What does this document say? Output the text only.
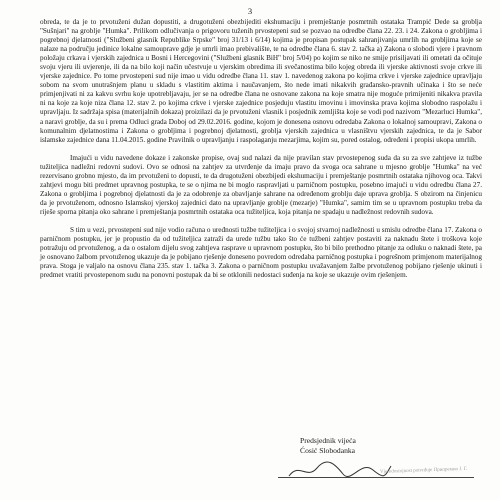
3

obreda, te da je to prvotuženi dužan dopustiti, a drugotuženi obezbijediti ekshumaciju i premještanje posmrtnih ostataka Trampić Dede sa groblja "Sušnjari" na groblje "Humka". Prilikom odlučivanja o prigovoru tuženih prvostepeni sud se pozvao na odredbe člana 22. 23. i 24. Zakona o grobljima i pogrebnoj djelatnosti ("Službeni glasnik Republike Srpske" broj 31/13 i 6/14) kojima je propisan postupak sahranjivanja umrlih na grobljima koje se nalaze na području jedinice lokalne samouprave gdje je umrli imao prebivalište, te na odredbe člana 6. stav 2. tačka a) Zakona o slobodi vjere i pravnom položaju crkava i vjerskih zajednica u Bosni i Hercegovini ("Službeni glasnik BiH" broj 5/04) po kojim se niko ne smije prisiljavati ili ometati da očituje svoju vjeru ili uvjerenje, ili da na bilo koji način učestvuje u vjerskim obredima ili svečanostima bilo kojeg obreda ili vjerske aktivnosti svoje crkve ili vjerske zajednice. Po tome prvostepeni sud nije imao u vidu odredbe člana 11. stav 1. navedenog zakona po kojima crkve i vjerske zajednice upravljaju sobom na svom unutrašnjem planu u skladu s vlastitim aktima i naučavanjem, što nede imati nikakvih građansko-pravnih učinaka i što se neće primjenjivati ni za kakvu svrhu koje upotrebljavaju, jer se na odredbe člana ne osnovane zakona na koje smatra nije moguće primijeniti nikakva pravila ni na koje za koje niza člana 12. stav 2. po kojima crkve i vjerske zajednice posjeduju vlastitu imovinu i imovinska prava kojima slobodno raspolažu i upravljaju. Iz sadržaja spisa (materijalnih dokaza) proizilazi da je prvotuženi vlasnik i posjednik zemljišta koje se vodi pod nazivom "Mezarluci Humka", a naravi groblje, da su i prema Odluci grada Doboj od 29.02.2016. godine, kojom je donesena osnovu odredaba Zakona o lokalnoj samoupravi, Zakona o komunalnim djelatnostima i Zakona o grobljima i pogrebnoj djelatnosti, groblja vjerskih zajednica u vlasništvu vjerskih zajednica, te da je Sabor islamske zajednice dana 11.04.2015. godine Pravilnik o upravljanju i raspolaganju mezarjima, kojim su, pored ostalog, određeni i propisi ukopa umrlih.

Imajući u vidu navedene dokaze i zakonske propise, ovaj sud nalazi da nije pravilan stav prvostepenog suda da su za sve zahtjeve iz tužbe tužiteljica nadležni redovni sudovi. Ovo se odnosi na zahtjev za utvrđenje da imaju pravo da svoga oca sahrane u mjesno groblje "Humka" na već rezervisano grobno mjesto, da im prvotuženi to dopusti, te da drugotuženi obezbijedi ekshumaciju i premještanje posmrtnih ostataka njihovog oca. Takvi zahtjevi mogu biti predmet upravnog postupka, te se o njima ne bi moglo raspravljati u parničnom postupku, posebno imajući u vidu odredbu člana 27. Zakona o grobljima i pogrebnoj djelatnosti da je za odobrenje za obavljanje sahrane na određenom groblju daje uprava groblja. S obzirom na činjenicu da je prvotuženom, odnosno Islamskoj vjerskoj zajednici dato na upravljanje groblje (mezarje) "Humka", samim tim se u upravnom postupku treba da riješe sporna pitanja oko sahrane i premještanja posmrtnih ostataka oca tužiteljica, koja pitanja ne spadaju u nadležnost redovnih sudova.

S tim u vezi, prvostepeni sud nije vodio računa o uređnosti tužbe tužiteljica i o svojoj stvarnoj nadležnosti u smislu odredbe člana 17. Zakona o parničnom postupku, jer je propustio da od tužiteljica zatraži da urede tužbu tako što će tužbeni zahtjev postaviti za naknadu štete i troškova koje potražuju od prvotuženog, a da o ostalom dijelu svog zahtjeva rasprave u upravnom postupku, što bi bilo prethodno pitanje za odluku o naknadi štete, pa je osnovano žalbom prvotuženog ukazuje da je pobijano rješenje doneseno povredom odredaba parničnog postupka i pogrešnom primjenom materijalnog prava. Stoga je valjalo na osnovu člana 235. stav 1. tačka 3. Zakona o parničnom postupku uvažavanjem žalbe prvotuženog pobijano rješenje ukinuti i predmet vratiti prvostepenom sudu na ponovni postupak da bi se otklonili nedostaci suđenja na koje se ukazuje ovim rješenjem.

Predsjednik vijeća
Ćosić Slobodanka
Vjerodostojnost potvrđuje Припремио Ј. Г.
